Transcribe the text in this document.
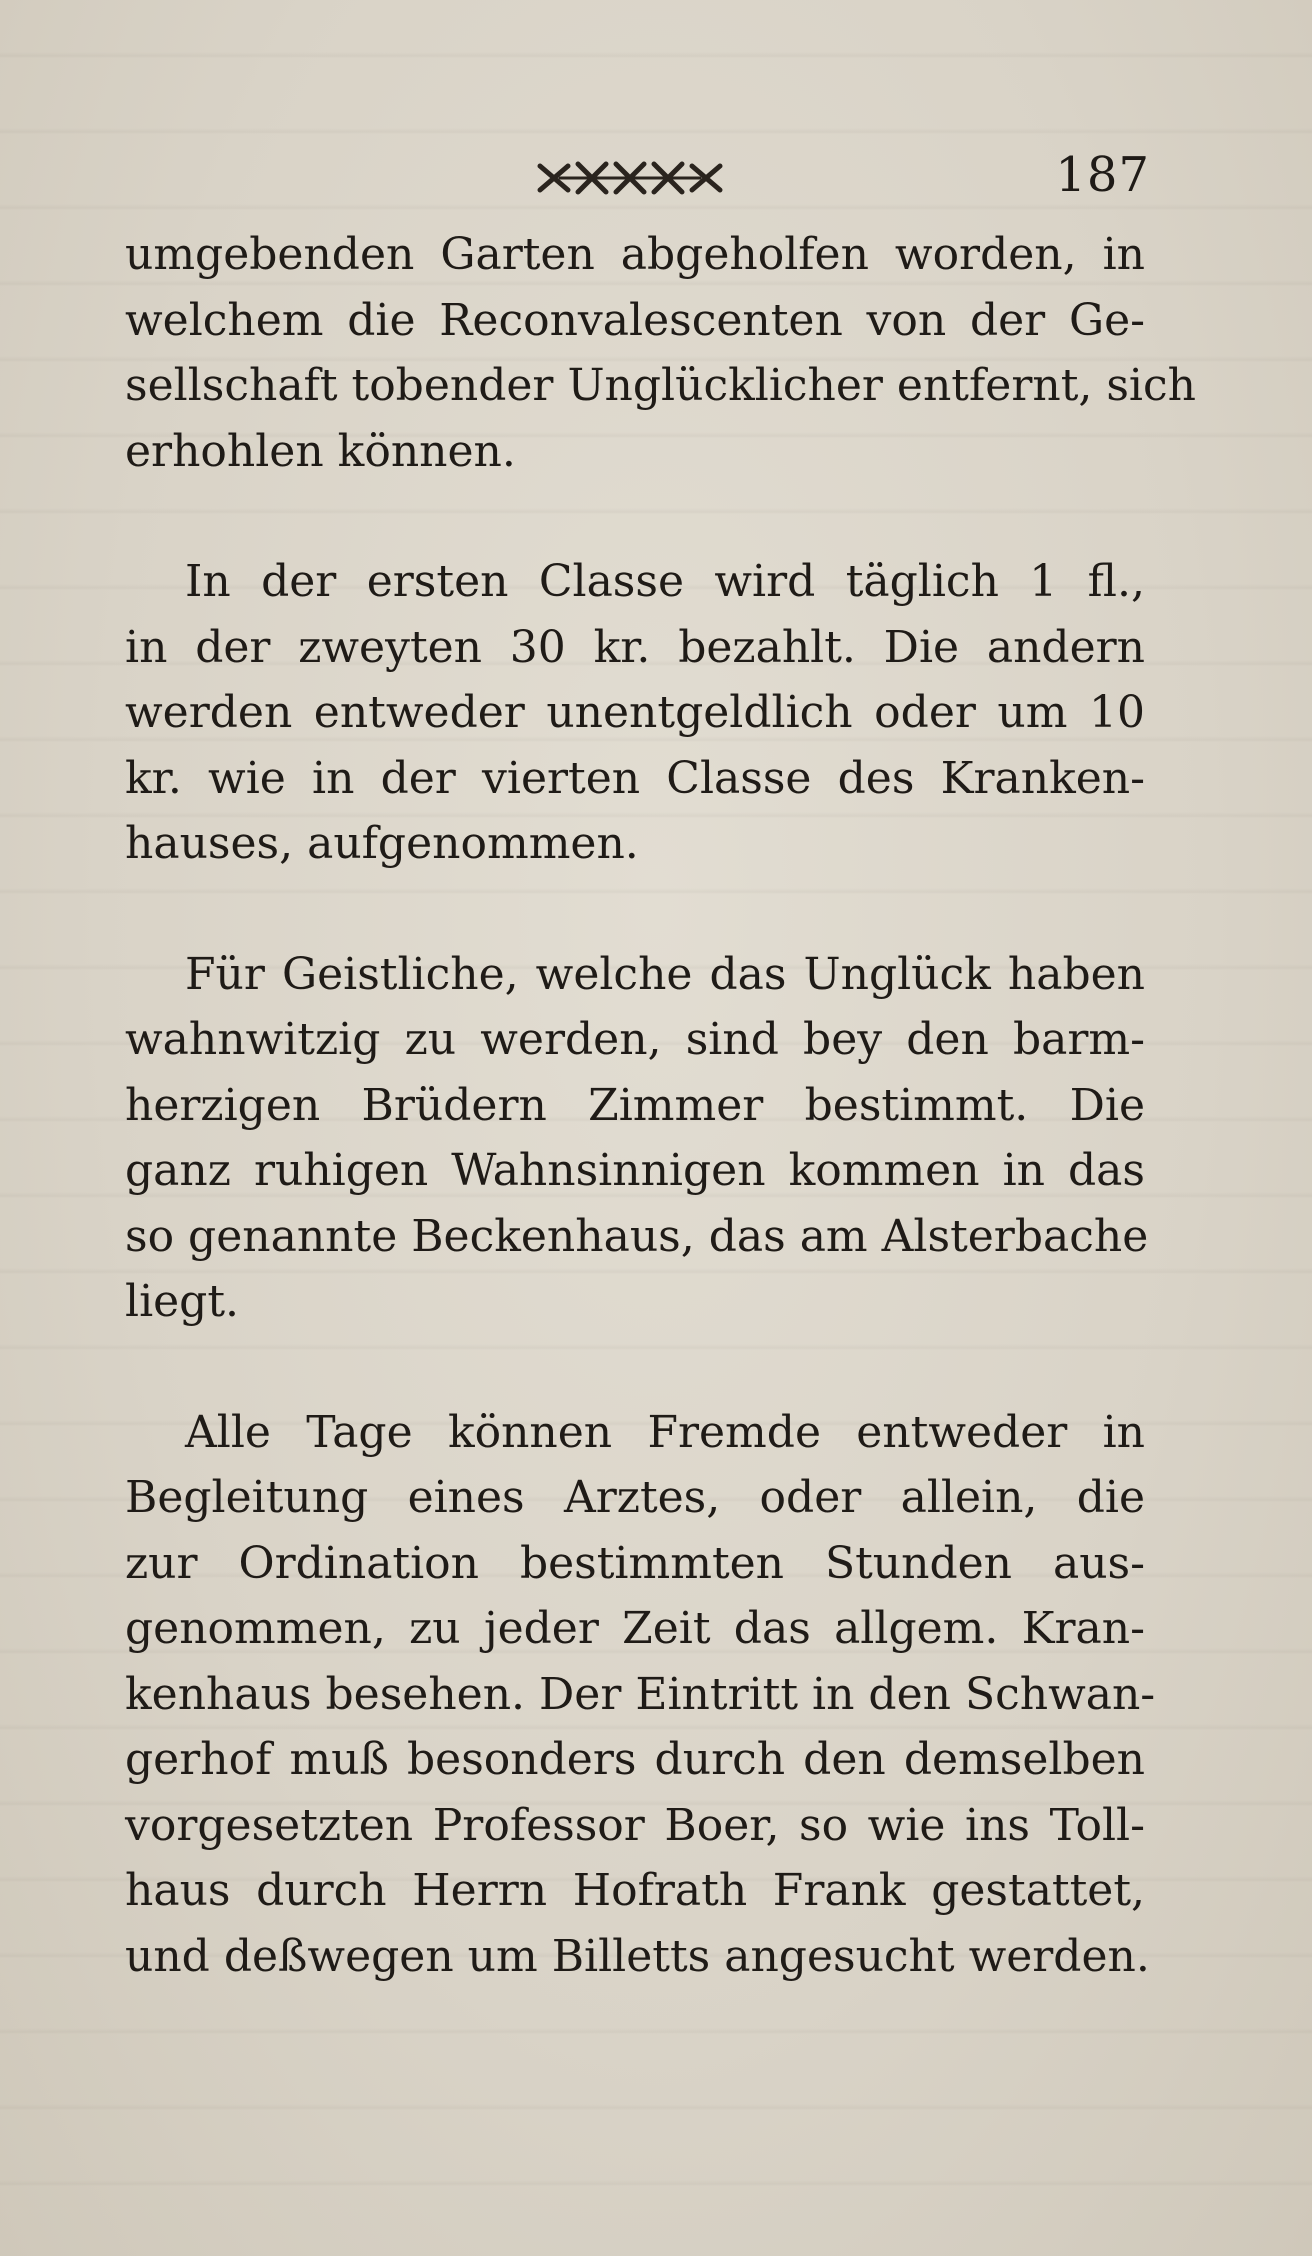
187

umgebenden Garten abgeholfen worden, in
welchem die Reconvalescenten von der Ge-
sellschaft tobender Unglücklicher entfernt, sich
erhohlen können.

In der ersten Classe wird täglich 1 fl.,
in der zweyten 30 kr. bezahlt. Die andern
werden entweder unentgeldlich oder um 10
kr. wie in der vierten Classe des Kranken-
hauses, aufgenommen.

Für Geistliche, welche das Unglück haben
wahnwitzig zu werden, sind bey den barm-
herzigen Brüdern Zimmer bestimmt. Die
ganz ruhigen Wahnsinnigen kommen in das
so genannte Beckenhaus, das am Alsterbache
liegt.

Alle Tage können Fremde entweder in
Begleitung eines Arztes, oder allein, die
zur Ordination bestimmten Stunden aus-
genommen, zu jeder Zeit das allgem. Kran-
kenhaus besehen. Der Eintritt in den Schwan-
gerhof muß besonders durch den demselben
vorgesetzten Professor Boer, so wie ins Toll-
haus durch Herrn Hofrath Frank gestattet,
und deßwegen um Billetts angesucht werden.
